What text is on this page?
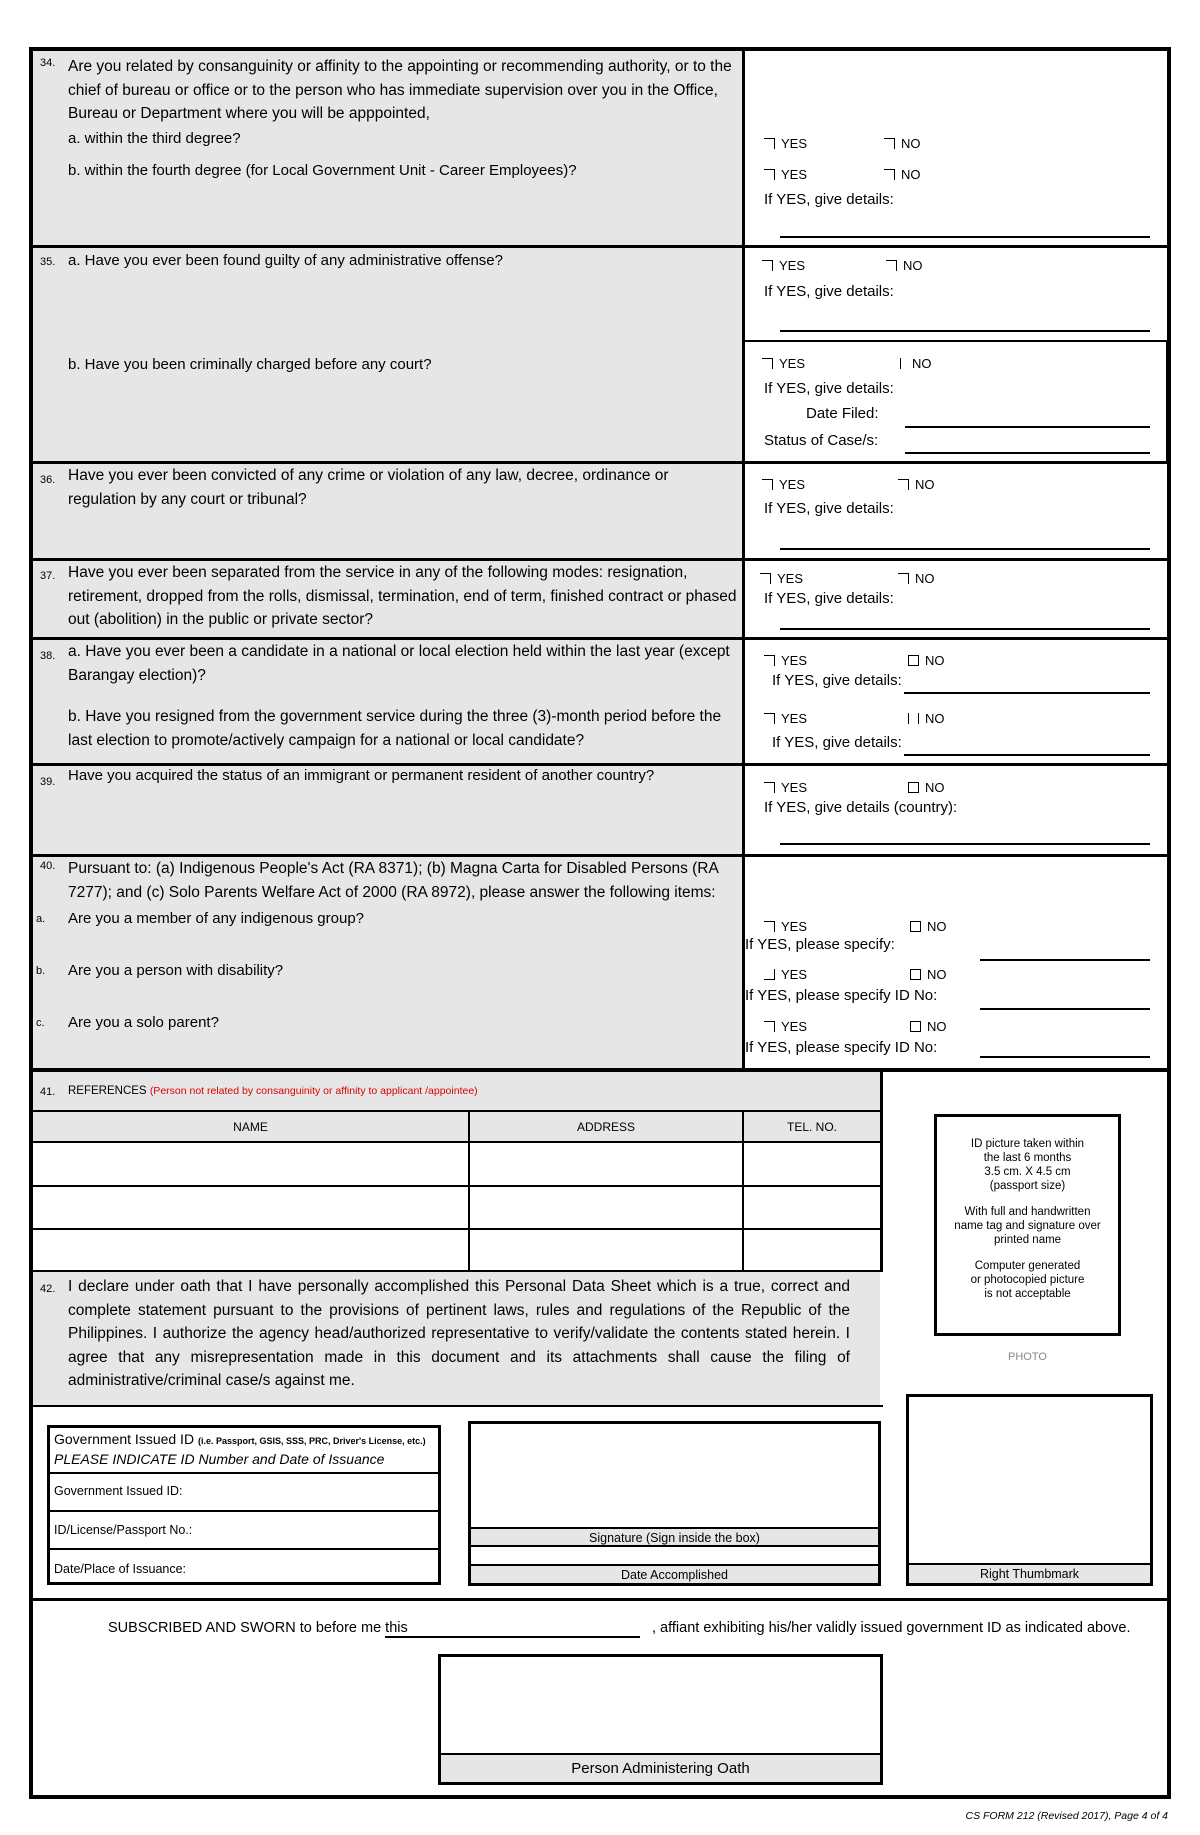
34. Are you related by consanguinity or affinity to the appointing or recommending authority, or to the chief of bureau or office or to the person who has immediate supervision over you in the Office, Bureau or Department where you will be apppointed,
a. within the third degree?
b. within the fourth degree (for Local Government Unit - Career Employees)?
YES	NO
YES	NO
If YES, give details:
35. a. Have you ever been found guilty of any administrative offense?
b. Have you been criminally charged before any court?
YES	NO
If YES, give details:
YES	NO
If YES, give details:
Date Filed:
Status of Case/s:
36. Have you ever been convicted of any crime or violation of any law, decree, ordinance or regulation by any court or tribunal?
YES	NO
If YES, give details:
37. Have you ever been separated from the service in any of the following modes: resignation, retirement, dropped from the rolls, dismissal, termination, end of term, finished contract or phased out (abolition) in the public or private sector?
YES	NO
If YES, give details:
38. a. Have you ever been a candidate in a national or local election held within the last year (except Barangay election)?
b. Have you resigned from the government service during the three (3)-month period before the last election to promote/actively campaign for a national or local candidate?
YES	NO
If YES, give details:
YES	NO
If YES, give details:
39. Have you acquired the status of an immigrant or permanent resident of another country?
YES	NO
If YES, give details (country):
40. Pursuant to: (a) Indigenous People's Act (RA 8371); (b) Magna Carta for Disabled Persons (RA 7277); and (c) Solo Parents Welfare Act of 2000 (RA 8972), please answer the following items:
a. Are you a member of any indigenous group?
b. Are you a person with disability?
c. Are you a solo parent?
YES	NO
If YES, please specify:
YES	NO
If YES, please specify ID No:
YES	NO
If YES, please specify ID No:
41. REFERENCES (Person not related by consanguinity or affinity to applicant /appointee)
NAME	ADDRESS	TEL. NO.
ID picture taken within
the last 6 months
3.5 cm. X 4.5 cm
(passport size)
With full and handwritten
name tag and signature over
printed name
Computer generated
or photocopied picture
is not acceptable
PHOTO
42. I declare under oath that I have personally accomplished this Personal Data Sheet which is a true, correct and complete statement pursuant to the provisions of pertinent laws, rules and regulations of the Republic of the Philippines. I authorize the agency head/authorized representative to verify/validate the contents stated herein. I agree that any misrepresentation made in this document and its attachments shall cause the filing of administrative/criminal case/s against me.
Government Issued ID (i.e. Passport, GSIS, SSS, PRC, Driver's License, etc.)
PLEASE INDICATE ID Number and Date of Issuance
Government Issued ID:
ID/License/Passport No.:
Date/Place of Issuance:
Signature (Sign inside the box)
Date Accomplished	Right Thumbmark
SUBSCRIBED AND SWORN to before me this	, affiant exhibiting his/her validly issued government ID as indicated above.
Person Administering Oath
CS FORM 212 (Revised 2017), Page 4 of 4
